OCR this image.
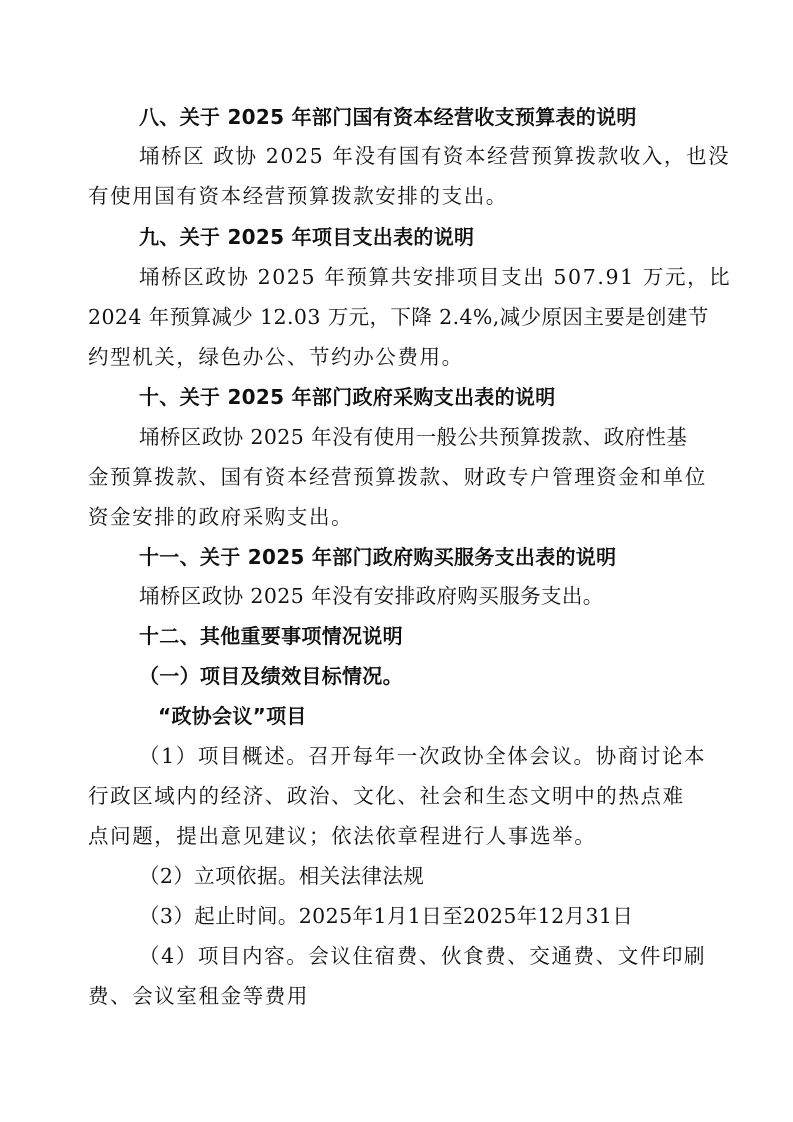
八、关于 2025 年部门国有资本经营收支预算表的说明
埇桥区 政协 2025 年没有国有资本经营预算拨款收入，也没
有使用国有资本经营预算拨款安排的支出。
九、关于 2025 年项目支出表的说明
埇桥区政协 2025 年预算共安排项目支出 507.91 万元，比
2024 年预算减少 12.03 万元，下降 2.4%,减少原因主要是创建节
约型机关，绿色办公、节约办公费用。
十、关于 2025 年部门政府采购支出表的说明
埇桥区政协 2025 年没有使用一般公共预算拨款、政府性基
金预算拨款、国有资本经营预算拨款、财政专户管理资金和单位
资金安排的政府采购支出。
十一、关于 2025 年部门政府购买服务支出表的说明
埇桥区政协 2025 年没有安排政府购买服务支出。
十二、其他重要事项情况说明
（一）项目及绩效目标情况。
“政协会议”项目
（1）项目概述。召开每年一次政协全体会议。协商讨论本
行政区域内的经济、政治、文化、社会和生态文明中的热点难
点问题，提出意见建议；依法依章程进行人事选举。
（2）立项依据。相关法律法规
（3）起止时间。2025年1月1日至2025年12月31日
（4）项目内容。会议住宿费、伙食费、交通费、文件印刷
费、会议室租金等费用
